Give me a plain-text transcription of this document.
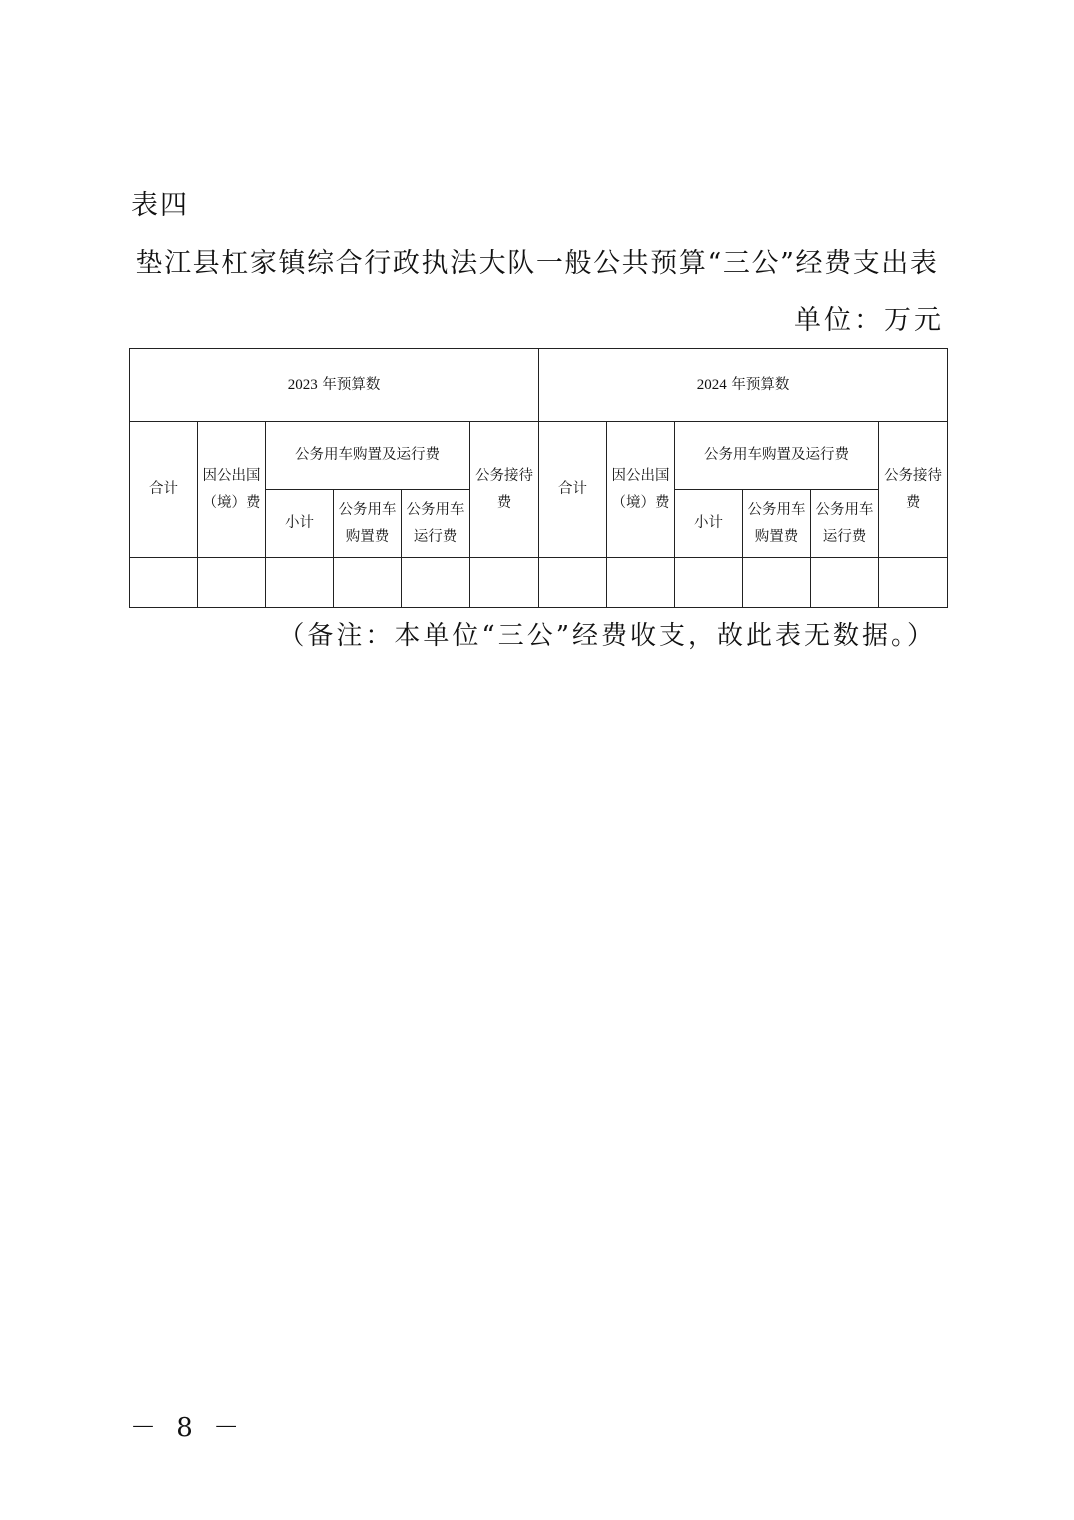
表四
垫江县杠家镇综合行政执法大队一般公共预算“三公”经费支出表
单位：万元
2023 年预算数						2024 年预算数					
合计	因公出国（境）费	公务用车购置及运行费			公务接待费	合计	因公出国（境）费	公务用车购置及运行费			公务接待费
		小计	公务用车购置费	公务用车运行费				小计	公务用车购置费	公务用车运行费	

（备注：本单位“三公”经费收支，故此表无数据。）
－ 8 －
